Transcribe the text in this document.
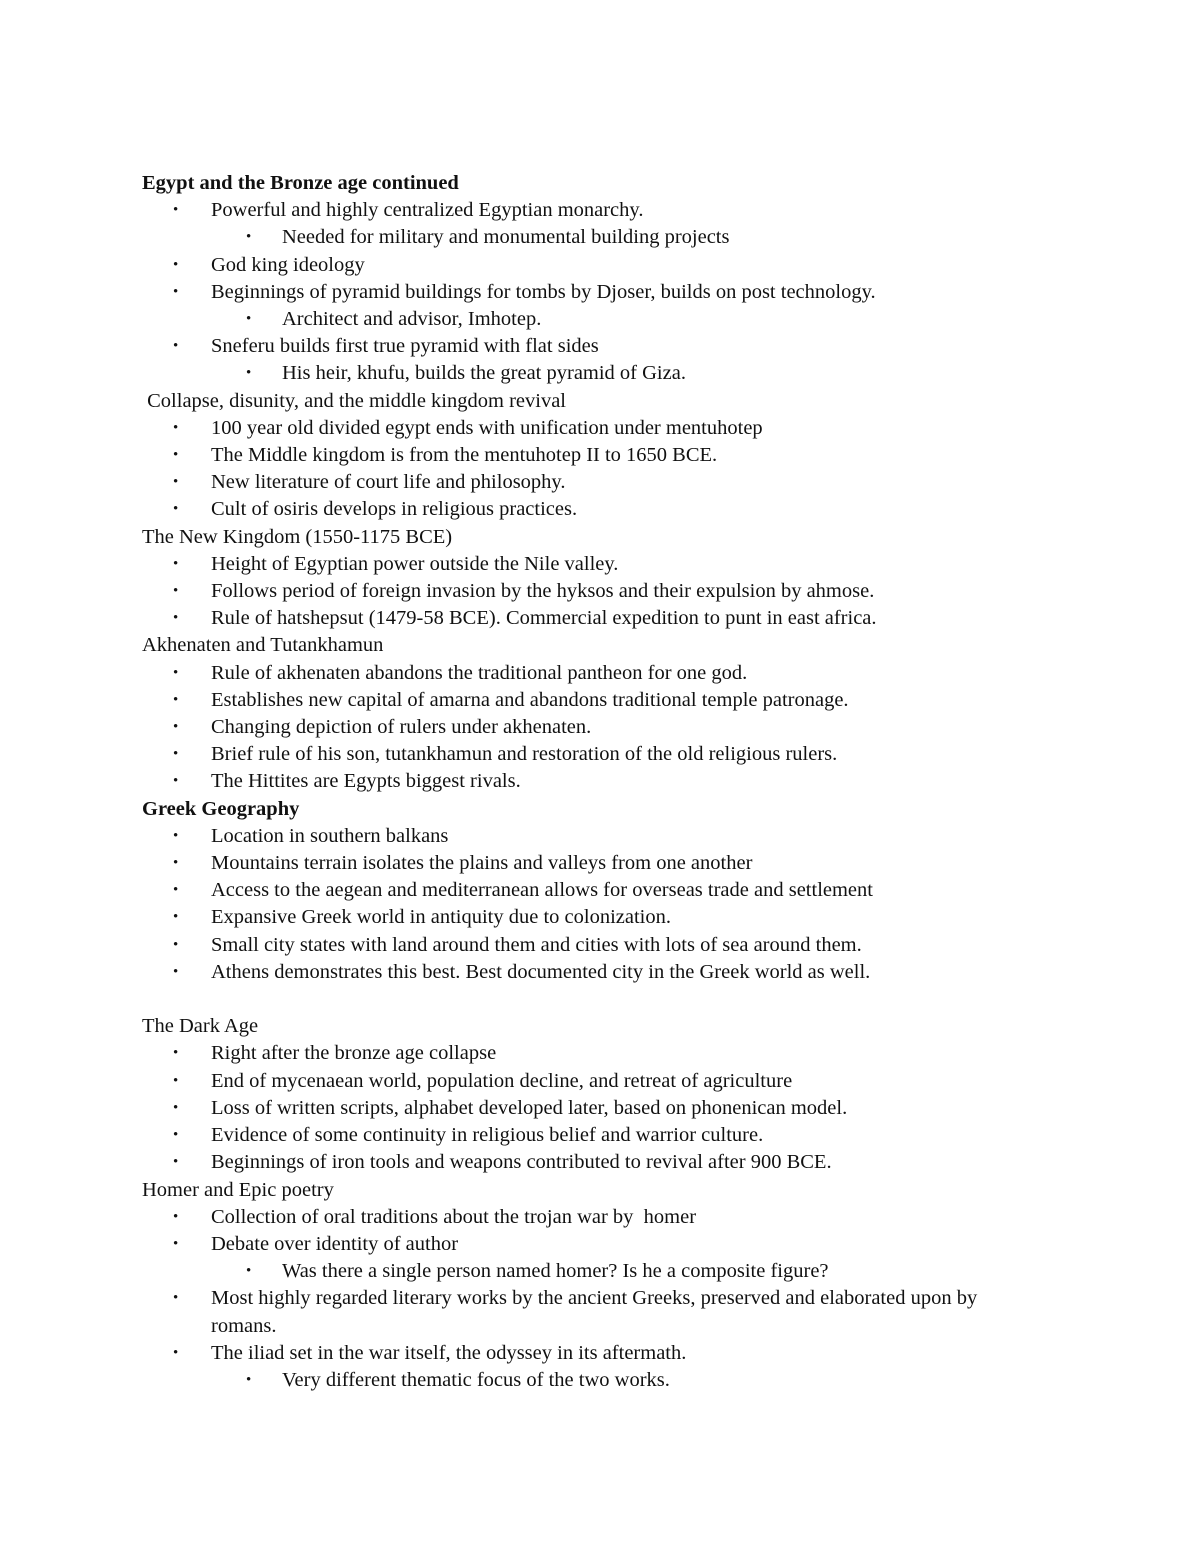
Egypt and the Bronze age continued
• Powerful and highly centralized Egyptian monarchy.
• Needed for military and monumental building projects
• God king ideology
• Beginnings of pyramid buildings for tombs by Djoser, builds on post technology.
• Architect and advisor, Imhotep.
• Sneferu builds first true pyramid with flat sides
• His heir, khufu, builds the great pyramid of Giza.
Collapse, disunity, and the middle kingdom revival
• 100 year old divided egypt ends with unification under mentuhotep
• The Middle kingdom is from the mentuhotep II to 1650 BCE.
• New literature of court life and philosophy.
• Cult of osiris develops in religious practices.
The New Kingdom (1550-1175 BCE)
• Height of Egyptian power outside the Nile valley.
• Follows period of foreign invasion by the hyksos and their expulsion by ahmose.
• Rule of hatshepsut (1479-58 BCE). Commercial expedition to punt in east africa.
Akhenaten and Tutankhamun
• Rule of akhenaten abandons the traditional pantheon for one god.
• Establishes new capital of amarna and abandons traditional temple patronage.
• Changing depiction of rulers under akhenaten.
• Brief rule of his son, tutankhamun and restoration of the old religious rulers.
• The Hittites are Egypts biggest rivals.
Greek Geography
• Location in southern balkans
• Mountains terrain isolates the plains and valleys from one another
• Access to the aegean and mediterranean allows for overseas trade and settlement
• Expansive Greek world in antiquity due to colonization.
• Small city states with land around them and cities with lots of sea around them.
• Athens demonstrates this best. Best documented city in the Greek world as well.
The Dark Age
• Right after the bronze age collapse
• End of mycenaean world, population decline, and retreat of agriculture
• Loss of written scripts, alphabet developed later, based on phonenican model.
• Evidence of some continuity in religious belief and warrior culture.
• Beginnings of iron tools and weapons contributed to revival after 900 BCE.
Homer and Epic poetry
• Collection of oral traditions about the trojan war by  homer
• Debate over identity of author
• Was there a single person named homer? Is he a composite figure?
• Most highly regarded literary works by the ancient Greeks, preserved and elaborated upon by romans.
• The iliad set in the war itself, the odyssey in its aftermath.
• Very different thematic focus of the two works.
